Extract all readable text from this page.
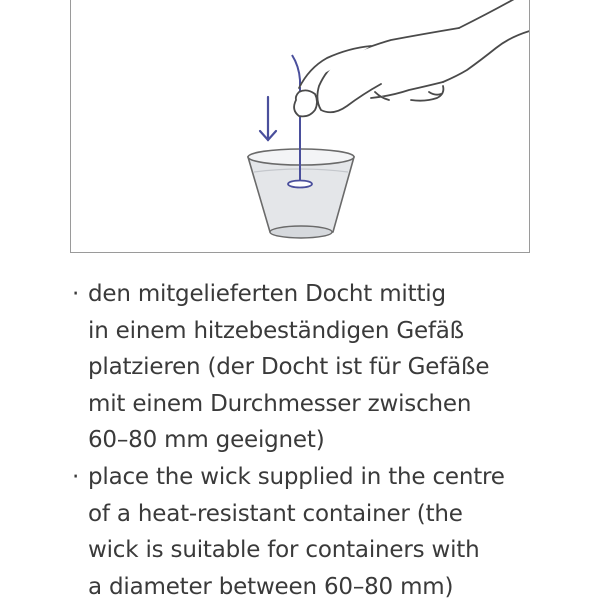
· den mitgelieferten Docht mittig
in einem hitzebeständigen Gefäß
platzieren (der Docht ist für Gefäße
mit einem Durchmesser zwischen
60–80 mm geeignet)
· place the wick supplied in the centre
of a heat-resistant container (the
wick is suitable for containers with
a diameter between 60–80 mm)
